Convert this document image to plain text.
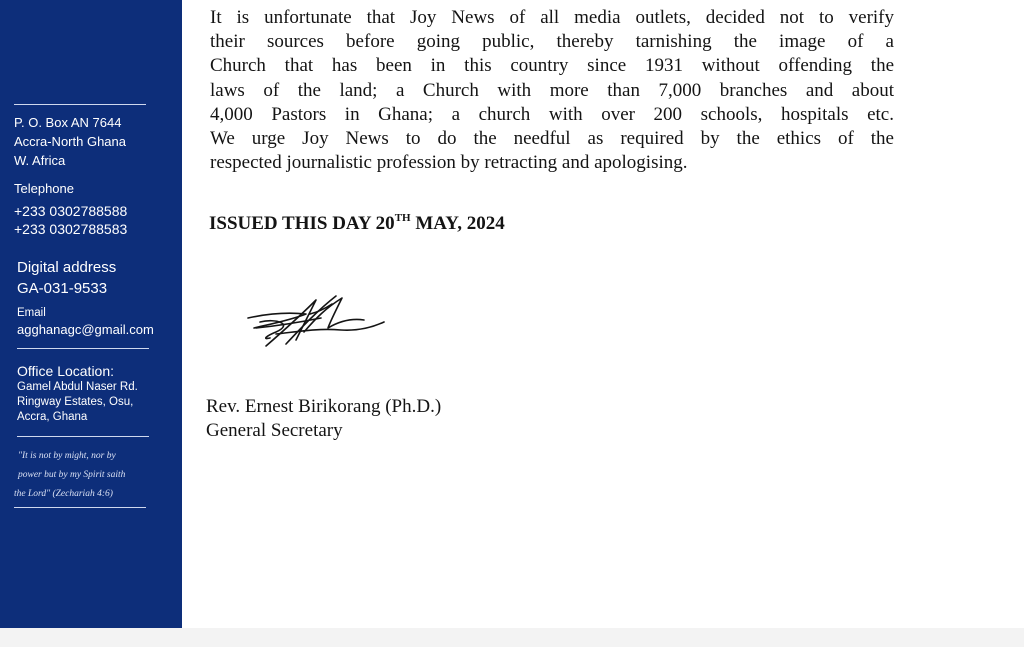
P. O. Box AN 7644
Accra-North Ghana
W. Africa
Telephone
+233 0302788588
+233 0302788583
Digital address
GA-031-9533
Email
agghanagc@gmail.com
Office Location:
Gamel Abdul Naser Rd.
Ringway Estates, Osu,
Accra, Ghana
"It is not by might, nor by
power but by my Spirit saith
the Lord" (Zechariah 4:6)

It is unfortunate that Joy News of all media outlets, decided not to verify
their sources before going public, thereby tarnishing the image of a
Church that has been in this country since 1931 without offending the
laws of the land; a Church with more than 7,000 branches and about
4,000 Pastors in Ghana; a church with over 200 schools, hospitals etc.
We urge Joy News to do the needful as required by the ethics of the
respected journalistic profession by retracting and apologising.

ISSUED THIS DAY 20TH MAY, 2024
Rev. Ernest Birikorang (Ph.D.)
General Secretary
